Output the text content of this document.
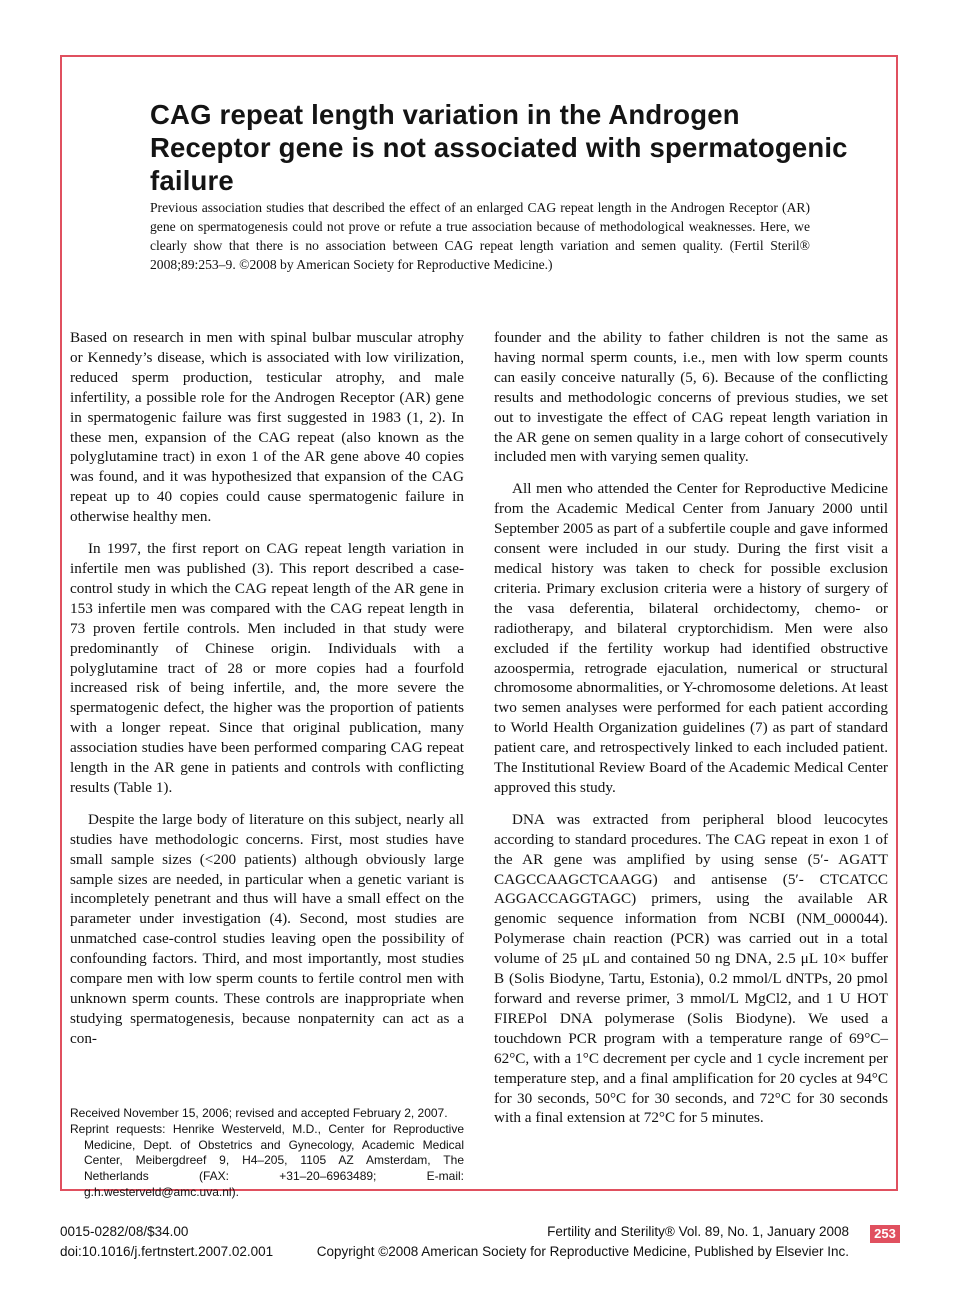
CAG repeat length variation in the Androgen Receptor gene is not associated with spermatogenic failure

Previous association studies that described the effect of an enlarged CAG repeat length in the Androgen Receptor (AR) gene on spermatogenesis could not prove or refute a true association because of methodological weaknesses. Here, we clearly show that there is no association between CAG repeat length variation and semen quality. (Fertil Steril® 2008;89:253–9. ©2008 by American Society for Reproductive Medicine.)

Based on research in men with spinal bulbar muscular atrophy or Kennedy’s disease, which is associated with low virilization, reduced sperm production, testicular atrophy, and male infertility, a possible role for the Androgen Receptor (AR) gene in spermatogenic failure was first suggested in 1983 (1, 2). In these men, expansion of the CAG repeat (also known as the polyglutamine tract) in exon 1 of the AR gene above 40 copies was found, and it was hypothesized that expansion of the CAG repeat up to 40 copies could cause spermatogenic failure in otherwise healthy men.

In 1997, the first report on CAG repeat length variation in infertile men was published (3). This report described a case-control study in which the CAG repeat length of the AR gene in 153 infertile men was compared with the CAG repeat length in 73 proven fertile controls. Men included in that study were predominantly of Chinese origin. Individuals with a polyglutamine tract of 28 or more copies had a fourfold increased risk of being infertile, and, the more severe the spermatogenic defect, the higher was the proportion of patients with a longer repeat. Since that original publication, many association studies have been performed comparing CAG repeat length in the AR gene in patients and controls with conflicting results (Table 1).

Despite the large body of literature on this subject, nearly all studies have methodologic concerns. First, most studies have small sample sizes (<200 patients) although obviously large sample sizes are needed, in particular when a genetic variant is incompletely penetrant and thus will have a small effect on the parameter under investigation (4). Second, most studies are unmatched case-control studies leaving open the possibility of confounding factors. Third, and most importantly, most studies compare men with low sperm counts to fertile control men with unknown sperm counts. These controls are inappropriate when studying spermatogenesis, because nonpaternity can act as a con-

founder and the ability to father children is not the same as having normal sperm counts, i.e., men with low sperm counts can easily conceive naturally (5, 6). Because of the conflicting results and methodologic concerns of previous studies, we set out to investigate the effect of CAG repeat length variation in the AR gene on semen quality in a large cohort of consecutively included men with varying semen quality.

All men who attended the Center for Reproductive Medicine from the Academic Medical Center from January 2000 until September 2005 as part of a subfertile couple and gave informed consent were included in our study. During the first visit a medical history was taken to check for possible exclusion criteria. Primary exclusion criteria were a history of surgery of the vasa deferentia, bilateral orchidectomy, chemo- or radiotherapy, and bilateral cryptorchidism. Men were also excluded if the fertility workup had identified obstructive azoospermia, retrograde ejaculation, numerical or structural chromosome abnormalities, or Y-chromosome deletions. At least two semen analyses were performed for each patient according to World Health Organization guidelines (7) as part of standard patient care, and retrospectively linked to each included patient. The Institutional Review Board of the Academic Medical Center approved this study.

DNA was extracted from peripheral blood leucocytes according to standard procedures. The CAG repeat in exon 1 of the AR gene was amplified by using sense (5′- AGATT CAGCCAAGCTCAAGG) and antisense (5′- CTCATCC AGGACCAGGTAGC) primers, using the available AR genomic sequence information from NCBI (NM_000044). Polymerase chain reaction (PCR) was carried out in a total volume of 25 μL and contained 50 ng DNA, 2.5 μL 10× buffer B (Solis Biodyne, Tartu, Estonia), 0.2 mmol/L dNTPs, 20 pmol forward and reverse primer, 3 mmol/L MgCl2, and 1 U HOT FIREPol DNA polymerase (Solis Biodyne). We used a touchdown PCR program with a temperature range of 69°C–62°C, with a 1°C decrement per cycle and 1 cycle increment per temperature step, and a final amplification for 20 cycles at 94°C for 30 seconds, 50°C for 30 seconds, and 72°C for 30 seconds with a final extension at 72°C for 5 minutes.

Received November 15, 2006; revised and accepted February 2, 2007.

Reprint requests: Henrike Westerveld, M.D., Center for Reproductive Medicine, Dept. of Obstetrics and Gynecology, Academic Medical Center, Meibergdreef 9, H4–205, 1105 AZ Amsterdam, The Netherlands (FAX: +31–20–6963489; E-mail: g.h.westerveld@amc.uva.nl).

0015-0282/08/$34.00
doi:10.1016/j.fertnstert.2007.02.001
Fertility and Sterility® Vol. 89, No. 1, January 2008
Copyright ©2008 American Society for Reproductive Medicine, Published by Elsevier Inc.
253
